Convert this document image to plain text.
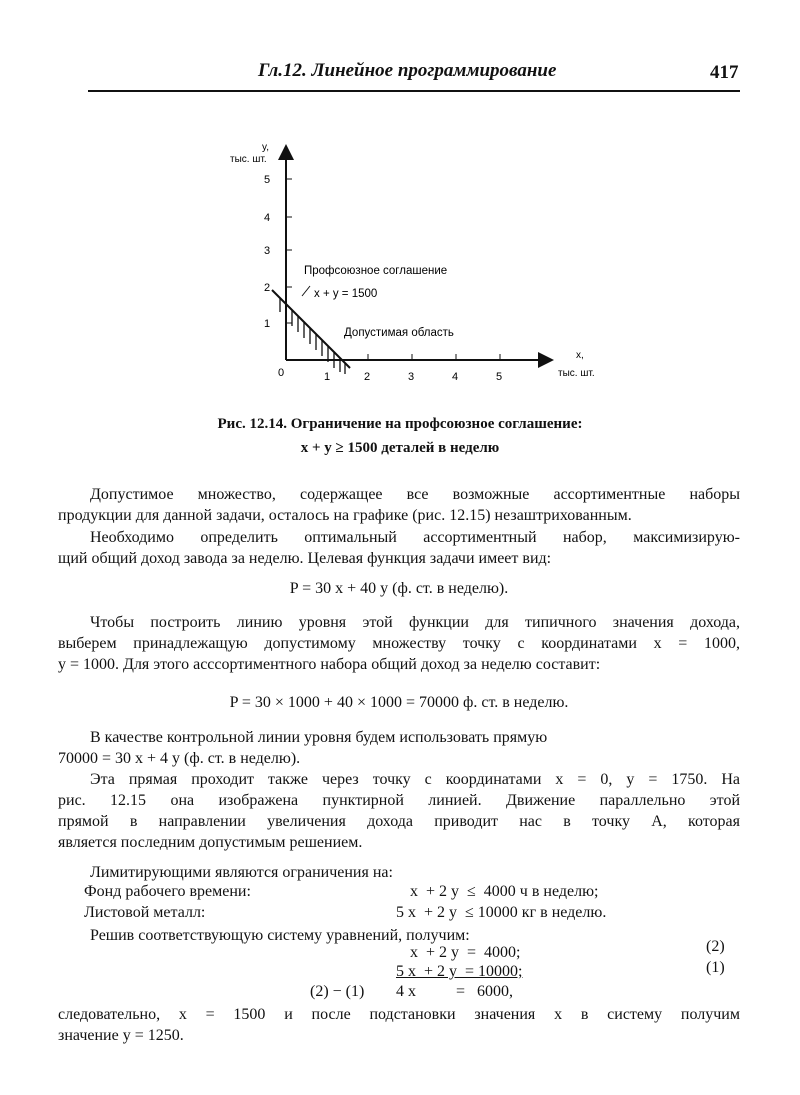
Гл.12. Линейное программирование	417
y,
тыс. шт.
5
4
3
2
1
0	1	2	3	4	5
x,
тыс. шт.
Профсоюзное соглашение
x + y = 1500
Допустимая область
Рис. 12.14. Ограничение на профсоюзное соглашение:
x + y ≥ 1500 деталей в неделю
Допустимое множество, содержащее все возможные ассортиментные наборы
продукции для данной задачи, осталось на графике (рис. 12.15) незаштрихованным.
Необходимо определить оптимальный ассортиментный набор, максимизирую-
щий общий доход завода за неделю. Целевая функция задачи имеет вид:
P = 30 x + 40 y (ф. ст. в неделю).
Чтобы построить линию уровня этой функции для типичного значения дохода,
выберем принадлежащую допустимому множеству точку с координатами x = 1000,
y = 1000. Для этого асссортиментного набора общий доход за неделю составит:
P = 30 × 1000 + 40 × 1000 = 70000 ф. ст. в неделю.
В качестве контрольной линии уровня будем использовать прямую
70000 = 30 x + 4 y (ф. ст. в неделю).
Эта прямая проходит также через точку с координатами x = 0, y = 1750. На
рис. 12.15 она изображена пунктирной линией. Движение параллельно этой
прямой в направлении увеличения дохода приводит нас в точку A, которая
является последним допустимым решением.
Лимитирующими являются ограничения на:
Фонд рабочего времени:	x  + 2 y  ≤  4000 ч в неделю;
Листовой металл:	5 x  + 2 y  ≤ 10000 кг в неделю.
Решив соответствующую систему уравнений, получим:
x  + 2 y  =  4000;	(2)
5 x  + 2 y  = 10000;	(1)
(2) − (1) 4 x          =   6000,
следовательно, x = 1500 и после подстановки значения x в систему получим
значение y = 1250.
